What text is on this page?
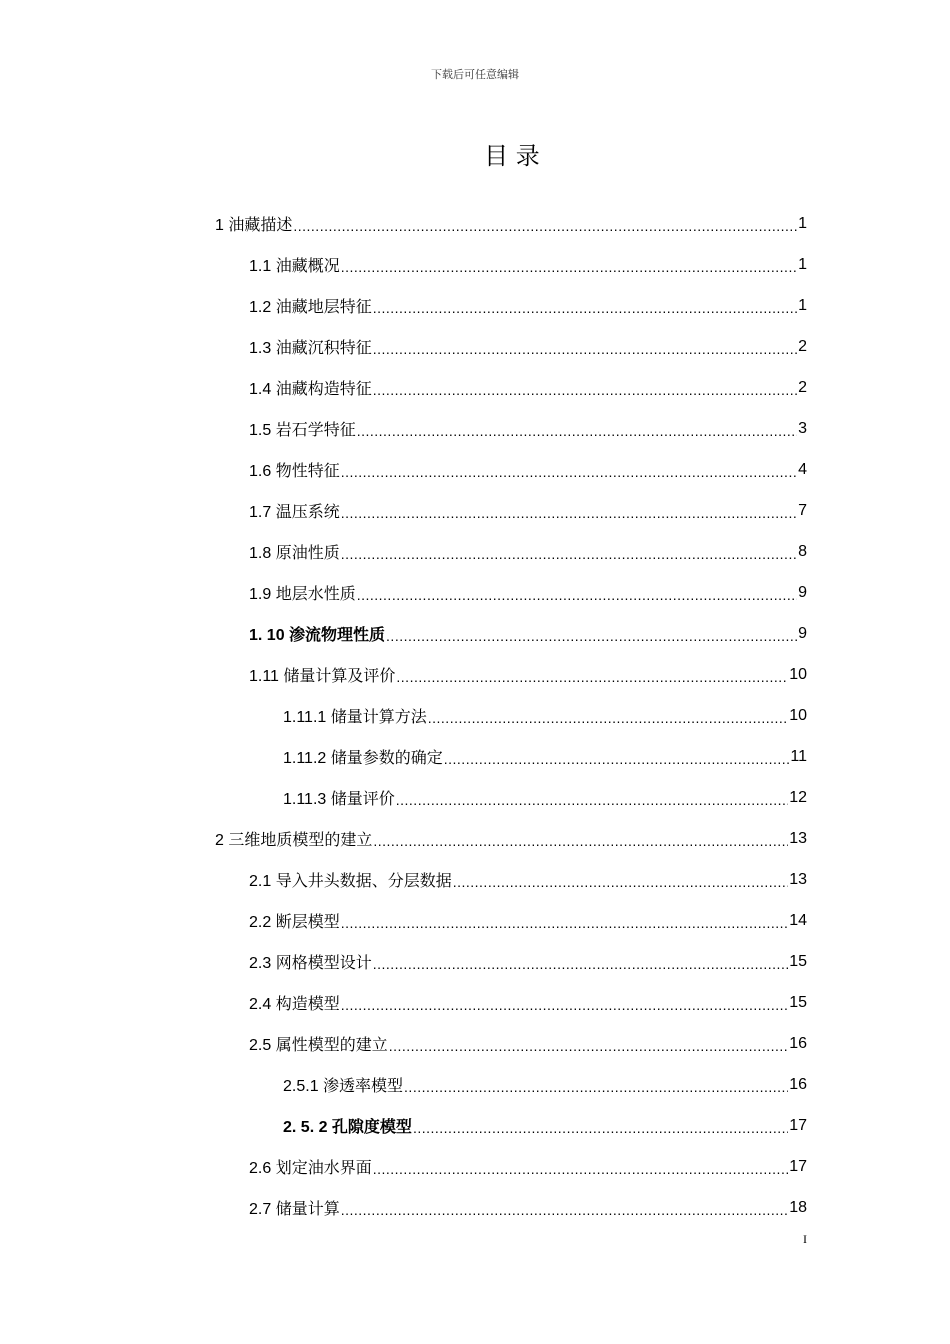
下载后可任意编辑
目 录
1 油藏描述 .....	1
1.1 油藏概况 .....	1
1.2 油藏地层特征 .....	1
1.3 油藏沉积特征 .....	2
1.4 油藏构造特征 .....	2
1.5 岩石学特征 .....	3
1.6 物性特征 .....	4
1.7 温压系统 .....	7
1.8 原油性质 .....	8
1.9 地层水性质 .....	9
1. 10 渗流物理性质 .....	9
1.11 储量计算及评价 .....	10
1.11.1 储量计算方法 .....	10
1.11.2 储量参数的确定 .....	11
1.11.3 储量评价 .....	12
2 三维地质模型的建立 .....	13
2.1 导入井头数据、分层数据 .....	13
2.2 断层模型 .....	14
2.3 网格模型设计 .....	15
2.4 构造模型 .....	15
2.5 属性模型的建立 .....	16
2.5.1 渗透率模型 .....	16
2. 5. 2 孔隙度模型 .....	17
2.6 划定油水界面 .....	17
2.7 储量计算 .....	18
I
